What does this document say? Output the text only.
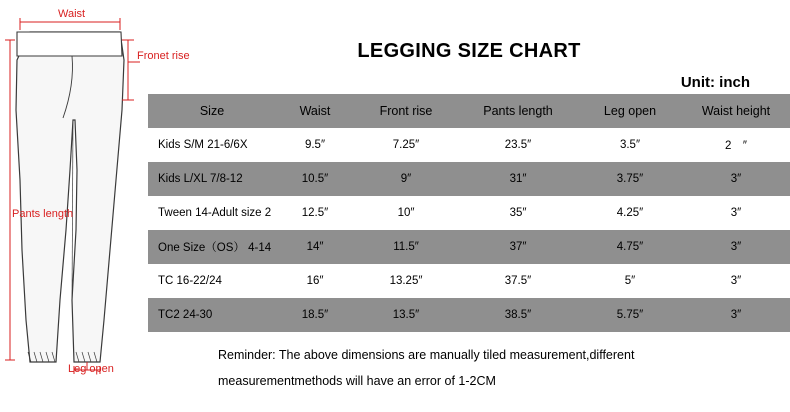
Waist
Fronet rise
Pants length
Leg open
LEGGING SIZE CHART
Unit: inch
Size	Waist	Front rise	Pants length	Leg open	Waist height
Kids S/M 21-6/6X	9.5″	7.25″	23.5″	3.5″	2　″
Kids L/XL 7/8-12	10.5″	9″	31″	3.75″	3″
Tween 14-Adult size 2	12.5″	10″	35″	4.25″	3″
One Size（OS） 4-14	14″	11.5″	37″	4.75″	3″
TC 16-22/24	16″	13.25″	37.5″	5″	3″
TC2 24-30	18.5″	13.5″	38.5″	5.75″	3″
Reminder: The above dimensions are manually tiled measurement,different
measurementmethods will have an error of 1-2CM
